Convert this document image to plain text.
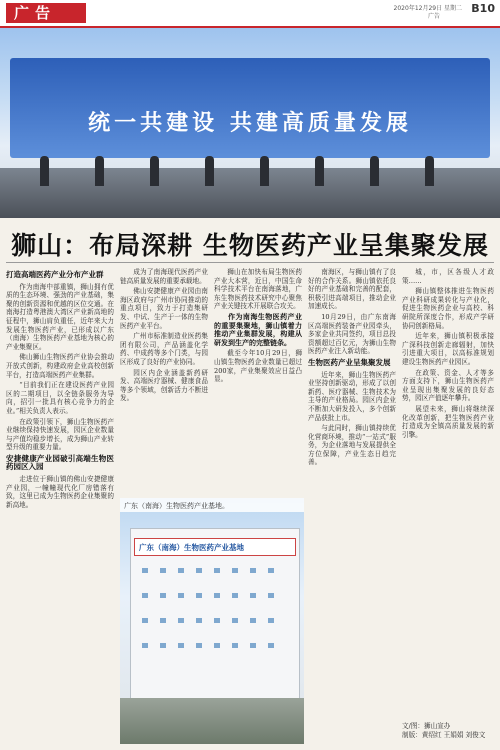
广告	2020年12月29日 星期二
广告
B10
统一共建设 共建高质量发展
狮山：布局深耕 生物医药产业呈集聚发展
打造高端医药产业分布产业群

作为南海中部重镇，狮山拥有优质的生态环境、强劲的产业基础，集聚的创新资源和优越的区位交通。在南海打造粤港澳大湾区产业新高地的征程中，狮山肩负重任，近年来大力发展生物医药产业，已形成以广东（南海）生物医药产业基地为核心的产业集聚区。

佛山狮山生物医药产业协会推动开放式创新，构建政府企业高校创新平台，打造高端医药产业集群。

“目前我们正在建设医药产业园区的二期项目，以全链条服务为导向，招引一批具有核心竞争力的企业。”相关负责人表示。

在政策引领下，狮山生物医药产业继续保持快速发展，园区企业数量与产值均稳步增长，成为狮山产业转型升级的重要力量。

安捷健康产业园破引高端生物医药园区入园

走进位于狮山镇的佛山安捷健康产业园，一幢幢现代化厂房错落有致，这里已成为生物医药企业集聚的新高地。

成为了南海现代医药产业链高质量发展的重要承载地。

佛山安捷健康产业园由南海区政府与广州市协同推动的重点项目，致力于打造集研发、中试、生产于一体的生物医药产业平台。

广州市标准制造业医药集团有限公司，产品涵盖化学药、中成药等多个门类，与园区形成了良好的产业协同。

园区内企业涵盖新药研发、高端医疗器械、健康食品等多个领域，创新活力不断迸发。

狮山在加快布局生物医药产业大本营，近日，中国生命科学技术平台在南海落地，广东生物医药技术研究中心聚焦产业关键技术开展联合攻关。

作为南海生物医药产业的重要集聚地，狮山镇着力推动产业集群发展，构建从研发到生产的完整链条。

截至今年10月29日，狮山镇生物医药企业数量已超过200家，产业集聚效应日益凸显。

南海区，与狮山镇有了良好的合作关系。狮山镇依托良好的产业基础和完善的配套，积极引进高端项目，推动企业加速成长。

10月29日，由广东南海区高端医药装备产业园牵头，多家企业共同签约，项目总投资额超过百亿元，为狮山生物医药产业注入新动能。

生物医药产业呈集聚发展

近年来，狮山生物医药产业坚持创新驱动，形成了以创新药、医疗器械、生物技术为主导的产业格局。园区内企业不断加大研发投入，多个创新产品获批上市。

与此同时，狮山镇持续优化营商环境，推动“一站式”服务，为企业落地与发展提供全方位保障，产业生态日趋完善。

城，市，区各级人才政策……

狮山镇整体推进生物医药产业科研成果转化与产业化，促进生物医药企业与高校、科研院所深度合作，形成产学研协同创新格局。

近年来，狮山镇积极承接广深科技创新走廊辐射，加快引进重大项目，以高标准规划建设生物医药产业园区。

在政策、资金、人才等多方面支持下，狮山生物医药产业呈现出集聚发展的良好态势，园区产值逐年攀升。

展望未来，狮山将继续深化改革创新，把生物医药产业打造成为全镇高质量发展的新引擎。

广东（南海）生物医药产业基地。
广东（南海）生物医药产业基地
文/图：狮山宣办
制版：黄绍红 王娟娟 刘俊文
